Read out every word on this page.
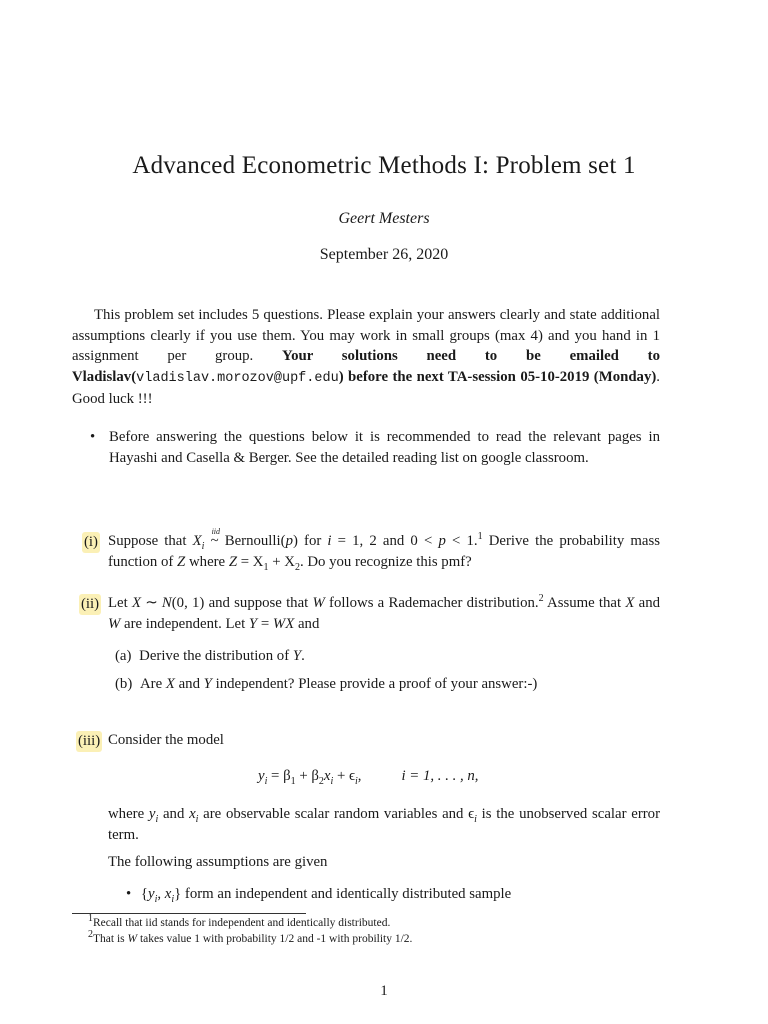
Advanced Econometric Methods I: Problem set 1
Geert Mesters
September 26, 2020
This problem set includes 5 questions. Please explain your answers clearly and state additional assumptions clearly if you use them. You may work in small groups (max 4) and you hand in 1 assignment per group. Your solutions need to be emailed to Vladislav(vladislav.morozov@upf.edu) before the next TA-session 05-10-2019 (Monday). Good luck !!!
• Before answering the questions below it is recommended to read the relevant pages in Hayashi and Casella & Berger. See the detailed reading list on google classroom.
(i) Suppose that $X_i$
iid
~ Bernoulli(p) for i = 1, 2 and 0 < p < 1.$^1$ Derive the probability mass function of Z where $Z = X_1 + X_2$. Do you recognize this pmf?
(ii) Let X ∼ N(0, 1) and suppose that W follows a Rademacher distribution.$^2$ Assume that X and W are independent. Let Y = WX and
(a) Derive the distribution of Y.
(b) Are X and Y independent? Please provide a proof of your answer:-)
(iii) Consider the model
$y_i = \beta_1 + \beta_2x_i + \epsilon_i$,	i = 1, . . . , n,
where $y_i$ and $x_i$ are observable scalar random variables and $\epsilon_i$ is the unobserved scalar error term.
The following assumptions are given
• {$y_i$, $x_i$} form an independent and identically distributed sample
$^1$Recall that iid stands for independent and identically distributed.
$^2$That is W takes value 1 with probability 1/2 and -1 with probility 1/2.
1
